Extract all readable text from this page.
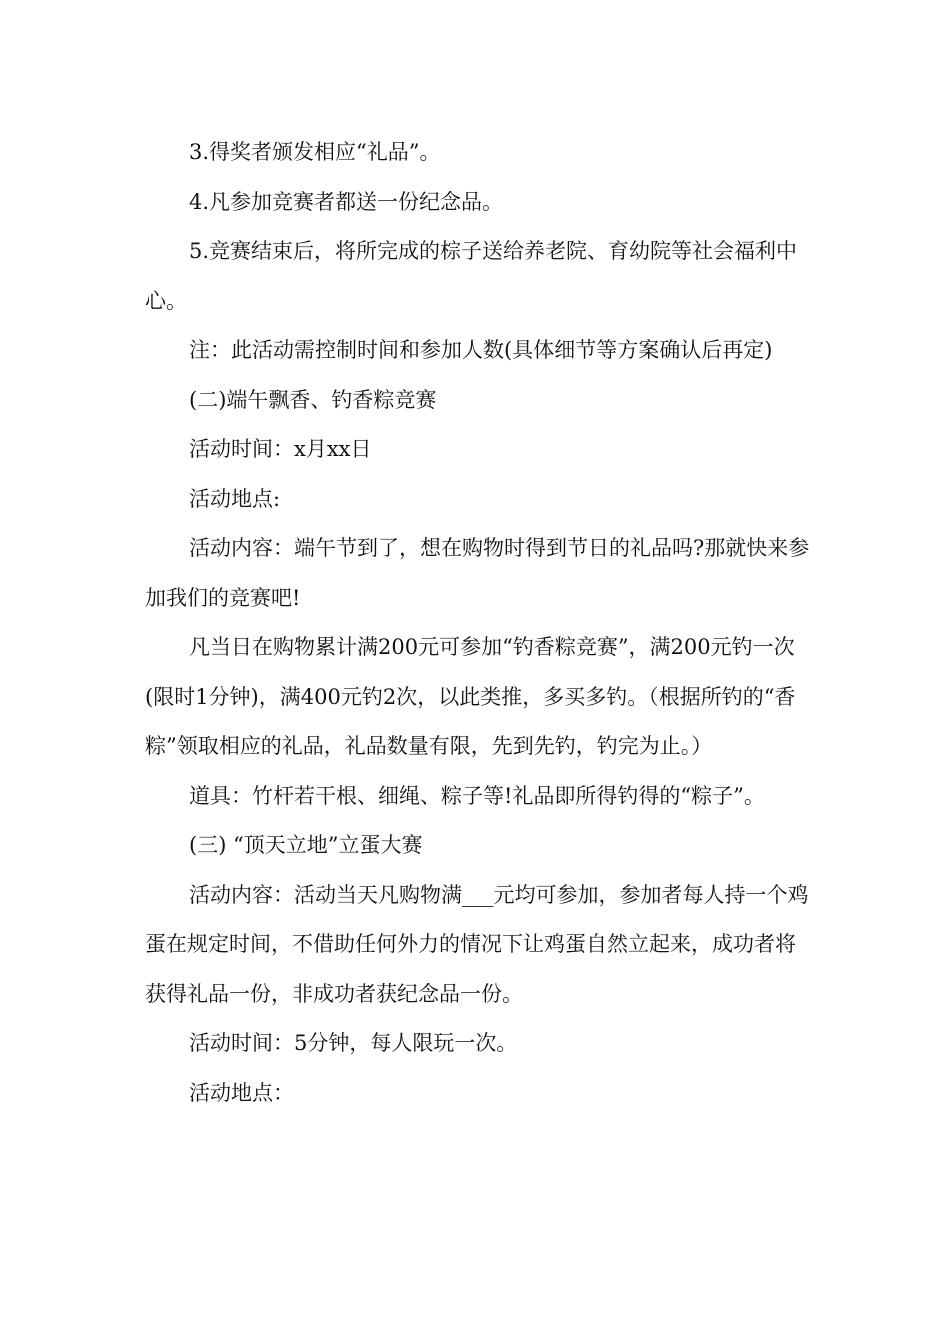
3.得奖者颁发相应“礼品”。

4.凡参加竞赛者都送一份纪念品。

5.竞赛结束后，将所完成的棕子送给养老院、育幼院等社会福利中心。

注：此活动需控制时间和参加人数(具体细节等方案确认后再定)

(二)端午飘香、钓香粽竞赛

活动时间：x月xx日

活动地点:

活动内容：端午节到了，想在购物时得到节日的礼品吗?那就快来参加我们的竞赛吧!

凡当日在购物累计满200元可参加“钓香粽竞赛”，满200元钓一次(限时1分钟)，满400元钓2次，以此类推，多买多钓。（根据所钓的“香粽”领取相应的礼品，礼品数量有限，先到先钓，钓完为止。）

道具：竹杆若干根、细绳、粽子等!礼品即所得钓得的“粽子”。

(三) “顶天立地”立蛋大赛

活动内容：活动当天凡购物满___元均可参加，参加者每人持一个鸡蛋在规定时间，不借助任何外力的情况下让鸡蛋自然立起来，成功者将获得礼品一份，非成功者获纪念品一份。

活动时间：5分钟，每人限玩一次。

活动地点：
